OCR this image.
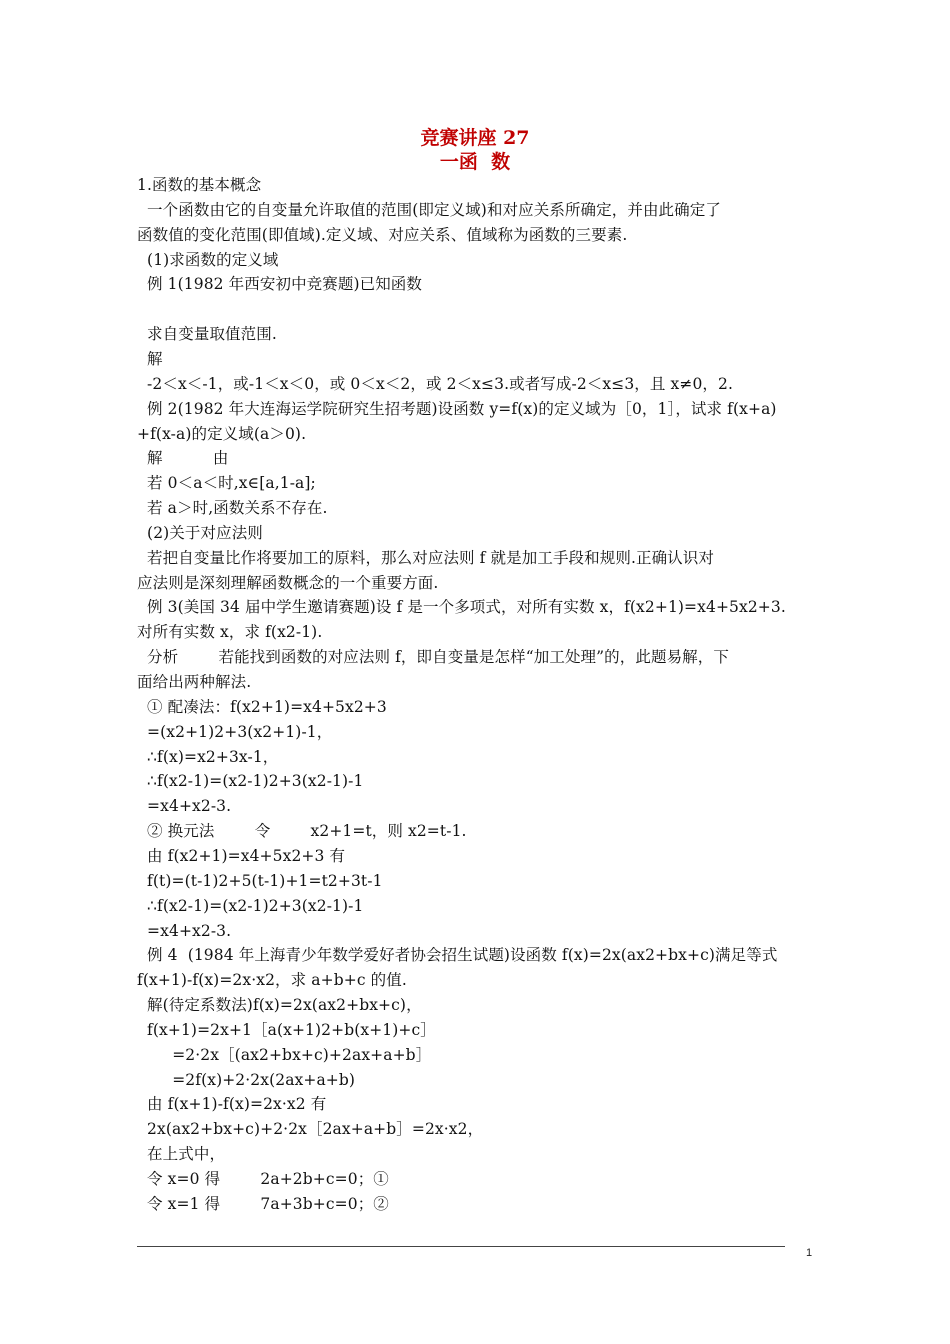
竞赛讲座 27
一函  数
1.函数的基本概念
一个函数由它的自变量允许取值的范围(即定义域)和对应关系所确定，并由此确定了
函数值的变化范围(即值域).定义域、对应关系、值域称为函数的三要素.
(1)求函数的定义域
例 1(1982 年西安初中竞赛题)已知函数
求自变量取值范围.
解
-2＜x＜-1，或-1＜x＜0，或 0＜x＜2，或 2＜x≤3.或者写成-2＜x≤3，且 x≠0，2.
例 2(1982 年大连海运学院研究生招考题)设函数 y=f(x)的定义域为［0，1］，试求 f(x+a)
+f(x-a)的定义域(a＞0).
解          由
若 0＜a＜时,x∈[a,1-a];
若 a＞时,函数关系不存在.
(2)关于对应法则
若把自变量比作将要加工的原料，那么对应法则 f 就是加工手段和规则.正确认识对
应法则是深刻理解函数概念的一个重要方面.
例 3(美国 34 届中学生邀请赛题)设 f 是一个多项式，对所有实数 x，f(x2+1)=x4+5x2+3.
对所有实数 x，求 f(x2-1).
分析        若能找到函数的对应法则 f，即自变量是怎样“加工处理”的，此题易解，下
面给出两种解法.
① 配凑法：f(x2+1)=x4+5x2+3
=(x2+1)2+3(x2+1)-1，
∴f(x)=x2+3x-1，
∴f(x2-1)=(x2-1)2+3(x2-1)-1
=x4+x2-3.
② 换元法        令        x2+1=t，则 x2=t-1.
由 f(x2+1)=x4+5x2+3 有
f(t)=(t-1)2+5(t-1)+1=t2+3t-1
∴f(x2-1)=(x2-1)2+3(x2-1)-1
=x4+x2-3.
例 4  (1984 年上海青少年数学爱好者协会招生试题)设函数 f(x)=2x(ax2+bx+c)满足等式
f(x+1)-f(x)=2x·x2，求 a+b+c 的值.
解(待定系数法)f(x)=2x(ax2+bx+c)，
f(x+1)=2x+1［a(x+1)2+b(x+1)+c］
=2·2x［(ax2+bx+c)+2ax+a+b］
=2f(x)+2·2x(2ax+a+b)
由 f(x+1)-f(x)=2x·x2 有
2x(ax2+bx+c)+2·2x［2ax+a+b］=2x·x2，
在上式中，
令 x=0 得        2a+2b+c=0；①
令 x=1 得        7a+3b+c=0；②
1
